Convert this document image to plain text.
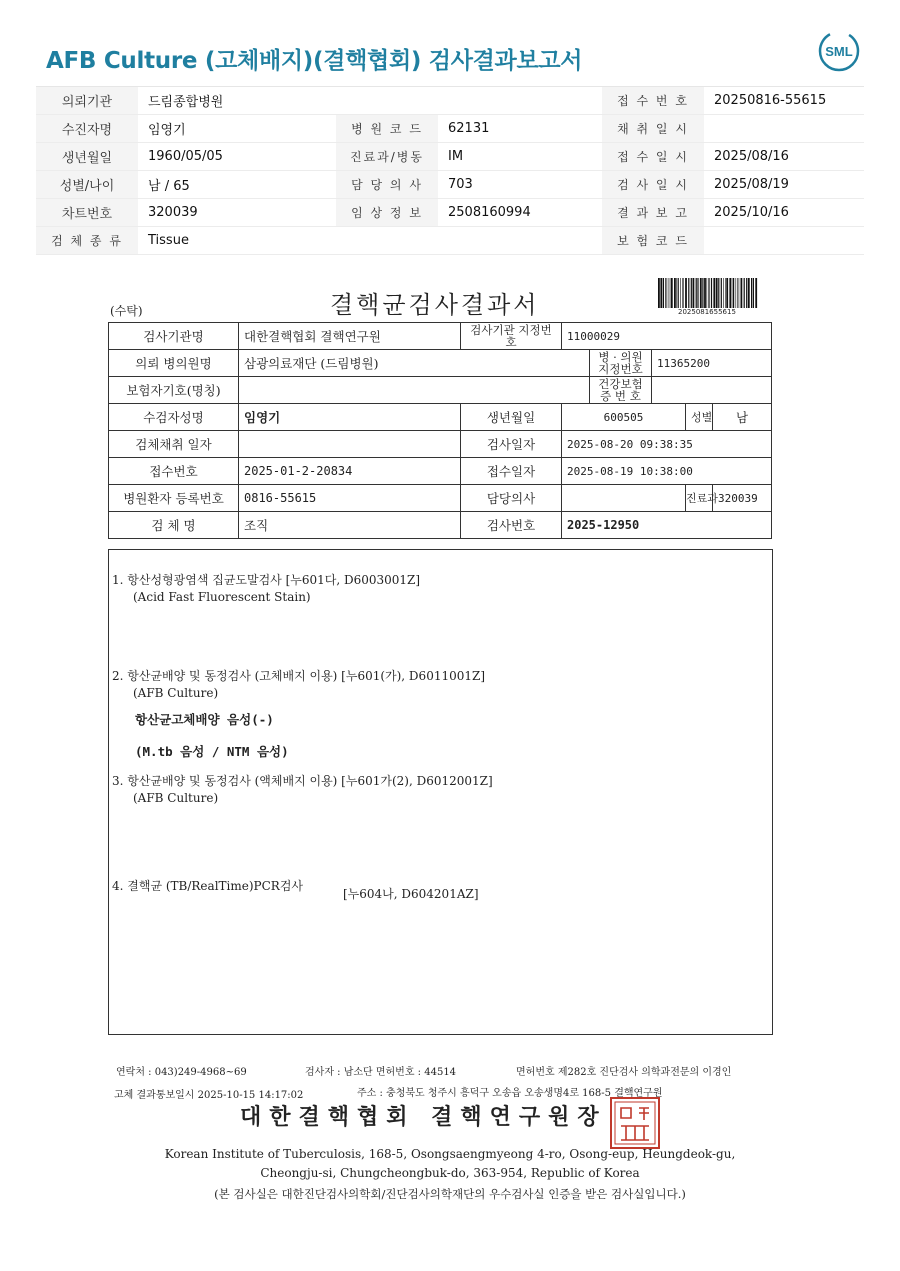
AFB Culture (고체배지)(결핵협회) 검사결과보고서	SML
의뢰기관	드림종합병원			접 수 번 호	20250816-55615
수진자명	임영기	병 원 코 드	62131	채 취 일 시	
생년월일	1960/05/05	진료과/병동	IM	접 수 일 시	2025/08/16
성별/나이	남 / 65	담 당 의 사	703	검 사 일 시	2025/08/19
차트번호	320039	임 상 정 보	2508160994	결 과 보 고	2025/10/16
검 체 종 류	Tissue			보 험 코 드	
(수탁)	결핵균검사결과서	2025081655615
검사기관명	대한결핵협회 결핵연구원	검사기관 지정번호	11000029				
의뢰 병의원명	삼광의료재단 (드림병원)			병 · 의원 지정번호	11365200		
보험자기호(명칭)				건강보험 증 번 호			
수검자성명	임영기	생년월일	600505			성별	남
검체채취 일자		검사일자	2025-08-20 09:38:35				
접수번호	2025-01-2-20834	접수일자	2025-08-19 10:38:00				
병원환자 등록번호	0816-55615	담당의사				진료과	320039
검 체 명	조직	검사번호	2025-12950				
1. 항산성형광염색 집균도말검사 [누601다, D6003001Z]
(Acid Fast Fluorescent Stain)
2. 항산균배양 및 동정검사 (고체배지 이용) [누601(가), D6011001Z]
(AFB Culture)
항산균고체배양 음성(-)
(M.tb 음성 / NTM 음성)
3. 항산균배양 및 동정검사 (액체배지 이용) [누601가(2), D6012001Z]
(AFB Culture)
4. 결핵균 (TB/RealTime)PCR검사
[누604나, D604201AZ]
연락처 : 043)249-4968~69	검사자 : 남소단 면허번호 : 44514	면허번호 제282호 진단검사 의학과전문의 이경인
고체 결과통보일시 2025-10-15 14:17:02	주소 : 충청북도 청주시 흥덕구 오송읍 오송생명4로 168-5 결핵연구원
대한결핵협회 결핵연구원장
Korean Institute of Tuberculosis, 168-5, Osongsaengmyeong 4-ro, Osong-eup, Heungdeok-gu,
Cheongju-si, Chungcheongbuk-do, 363-954, Republic of Korea
(본 검사실은 대한진단검사의학회/진단검사의학재단의 우수검사실 인증을 받은 검사실입니다.)
